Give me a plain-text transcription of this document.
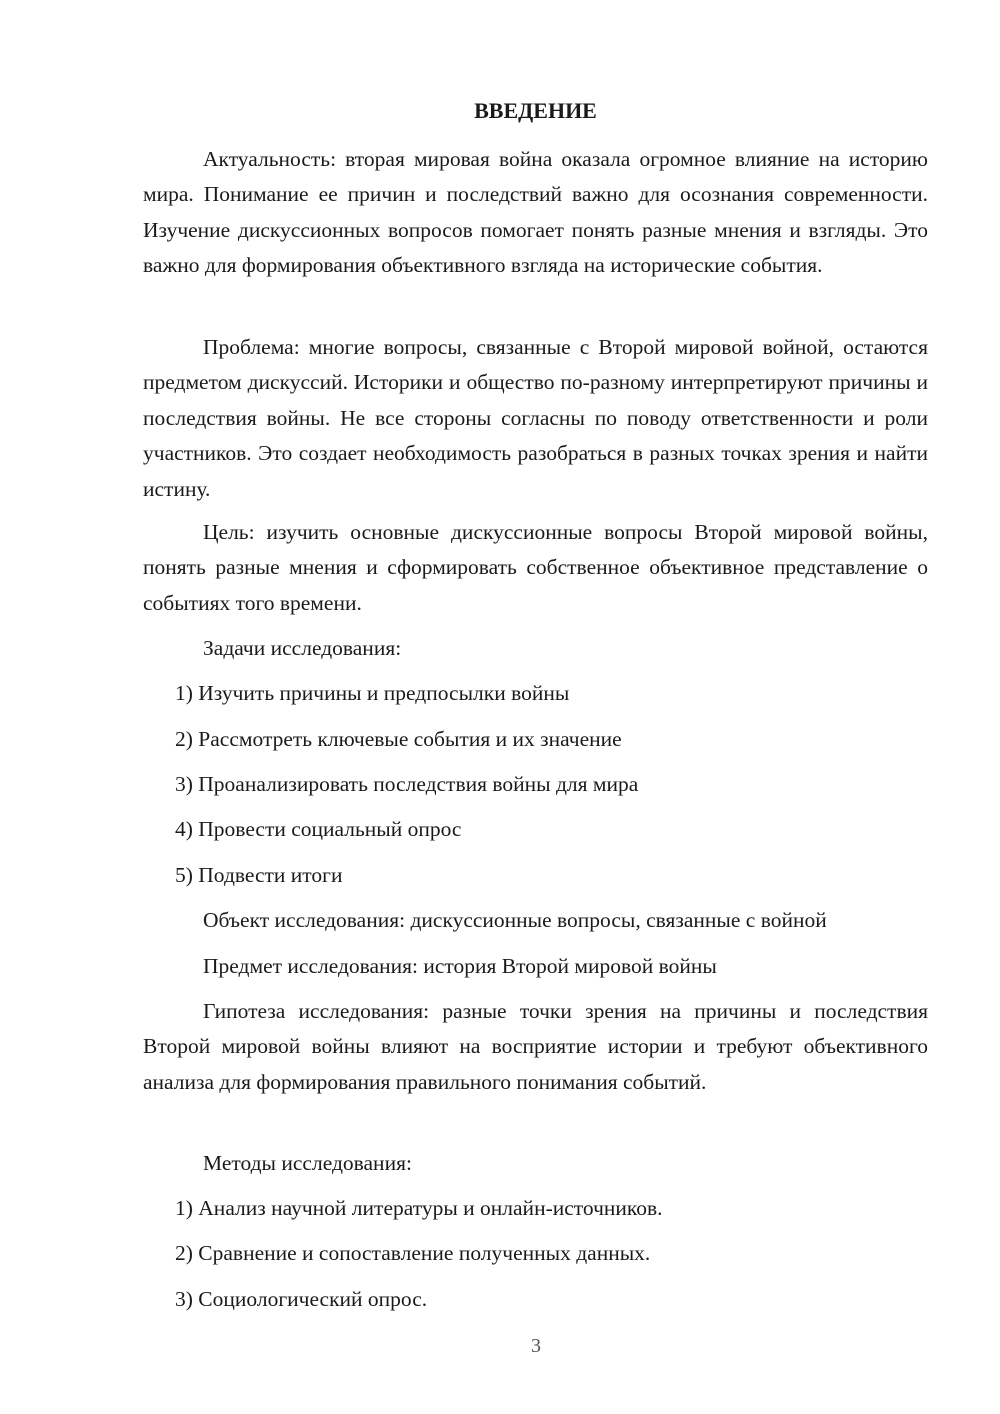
ВВЕДЕНИЕ

Актуальность: вторая мировая война оказала огромное влияние на историю мира. Понимание ее причин и последствий важно для осознания современности. Изучение дискуссионных вопросов помогает понять разные мнения и взгляды. Это важно для формирования объективного взгляда на исторические события.

Проблема: многие вопросы, связанные с Второй мировой войной, остаются предметом дискуссий. Историки и общество по-разному интерпретируют причины и последствия войны. Не все стороны согласны по поводу ответственности и роли участников. Это создает необходимость разобраться в разных точках зрения и найти истину.

Цель: изучить основные дискуссионные вопросы Второй мировой войны, понять разные мнения и сформировать собственное объективное представление о событиях того времени.

Задачи исследования:
1) Изучить причины и предпосылки войны
2) Рассмотреть ключевые события и их значение
3) Проанализировать последствия войны для мира
4) Провести социальный опрос
5) Подвести итоги
Объект исследования: дискуссионные вопросы, связанные с войной
Предмет исследования: история Второй мировой войны

Гипотеза исследования: разные точки зрения на причины и последствия Второй мировой войны влияют на восприятие истории и требуют объективного анализа для формирования правильного понимания событий.

Методы исследования:
1) Анализ научной литературы и онлайн-источников.
2) Сравнение и сопоставление полученных данных.
3) Социологический опрос.
3
